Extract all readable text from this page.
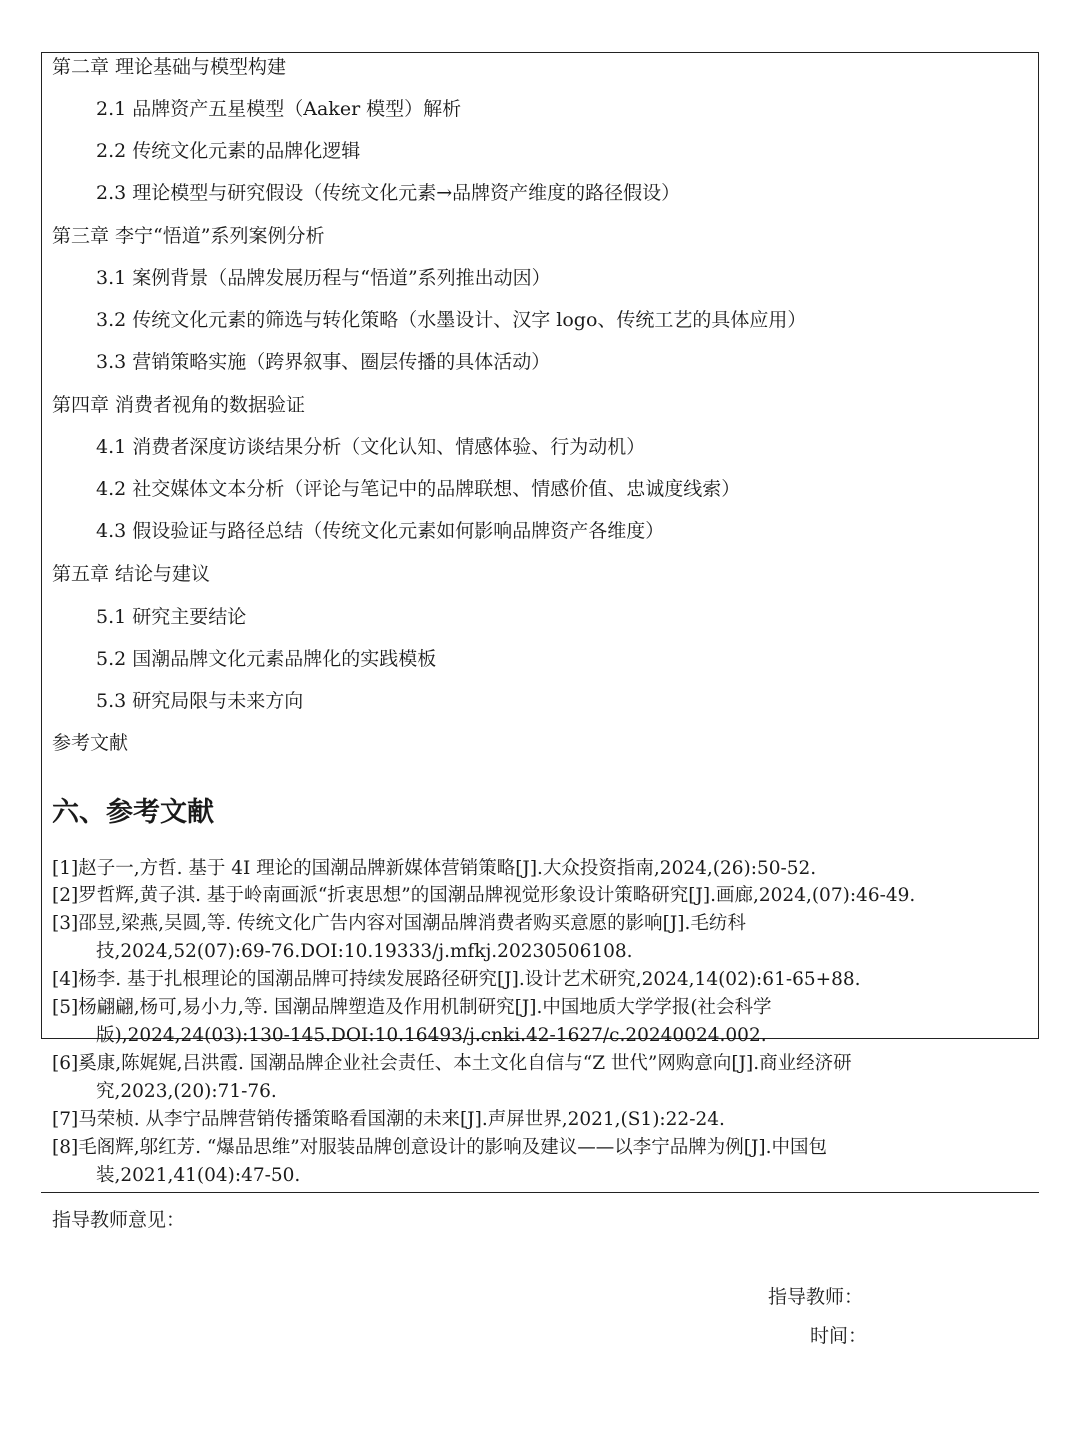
第二章 理论基础与模型构建
2.1 品牌资产五星模型（Aaker 模型）解析
2.2 传统文化元素的品牌化逻辑
2.3 理论模型与研究假设（传统文化元素→品牌资产维度的路径假设）
第三章 李宁“悟道”系列案例分析
3.1 案例背景（品牌发展历程与“悟道”系列推出动因）
3.2 传统文化元素的筛选与转化策略（水墨设计、汉字 logo、传统工艺的具体应用）
3.3 营销策略实施（跨界叙事、圈层传播的具体活动）
第四章 消费者视角的数据验证
4.1 消费者深度访谈结果分析（文化认知、情感体验、行为动机）
4.2 社交媒体文本分析（评论与笔记中的品牌联想、情感价值、忠诚度线索）
4.3 假设验证与路径总结（传统文化元素如何影响品牌资产各维度）
第五章 结论与建议
5.1 研究主要结论
5.2 国潮品牌文化元素品牌化的实践模板
5.3 研究局限与未来方向
参考文献
六、参考文献
[1]赵子一,方哲. 基于 4I 理论的国潮品牌新媒体营销策略[J].大众投资指南,2024,(26):50-52.
[2]罗哲辉,黄子淇. 基于岭南画派“折衷思想”的国潮品牌视觉形象设计策略研究[J].画廊,2024,(07):46-49.
[3]邵昱,梁燕,吴圆,等. 传统文化广告内容对国潮品牌消费者购买意愿的影响[J].毛纺科
技,2024,52(07):69-76.DOI:10.19333/j.mfkj.20230506108.
[4]杨李. 基于扎根理论的国潮品牌可持续发展路径研究[J].设计艺术研究,2024,14(02):61-65+88.
[5]杨翩翩,杨可,易小力,等. 国潮品牌塑造及作用机制研究[J].中国地质大学学报(社会科学
版),2024,24(03):130-145.DOI:10.16493/j.cnki.42-1627/c.20240024.002.
[6]奚康,陈娓娓,吕洪霞. 国潮品牌企业社会责任、本土文化自信与“Z 世代”网购意向[J].商业经济研
究,2023,(20):71-76.
[7]马荣桢. 从李宁品牌营销传播策略看国潮的未来[J].声屏世界,2021,(S1):22-24.
[8]毛阁辉,邬红芳. “爆品思维”对服装品牌创意设计的影响及建议——以李宁品牌为例[J].中国包
装,2021,41(04):47-50.
指导教师意见：
指导教师：
时间：
